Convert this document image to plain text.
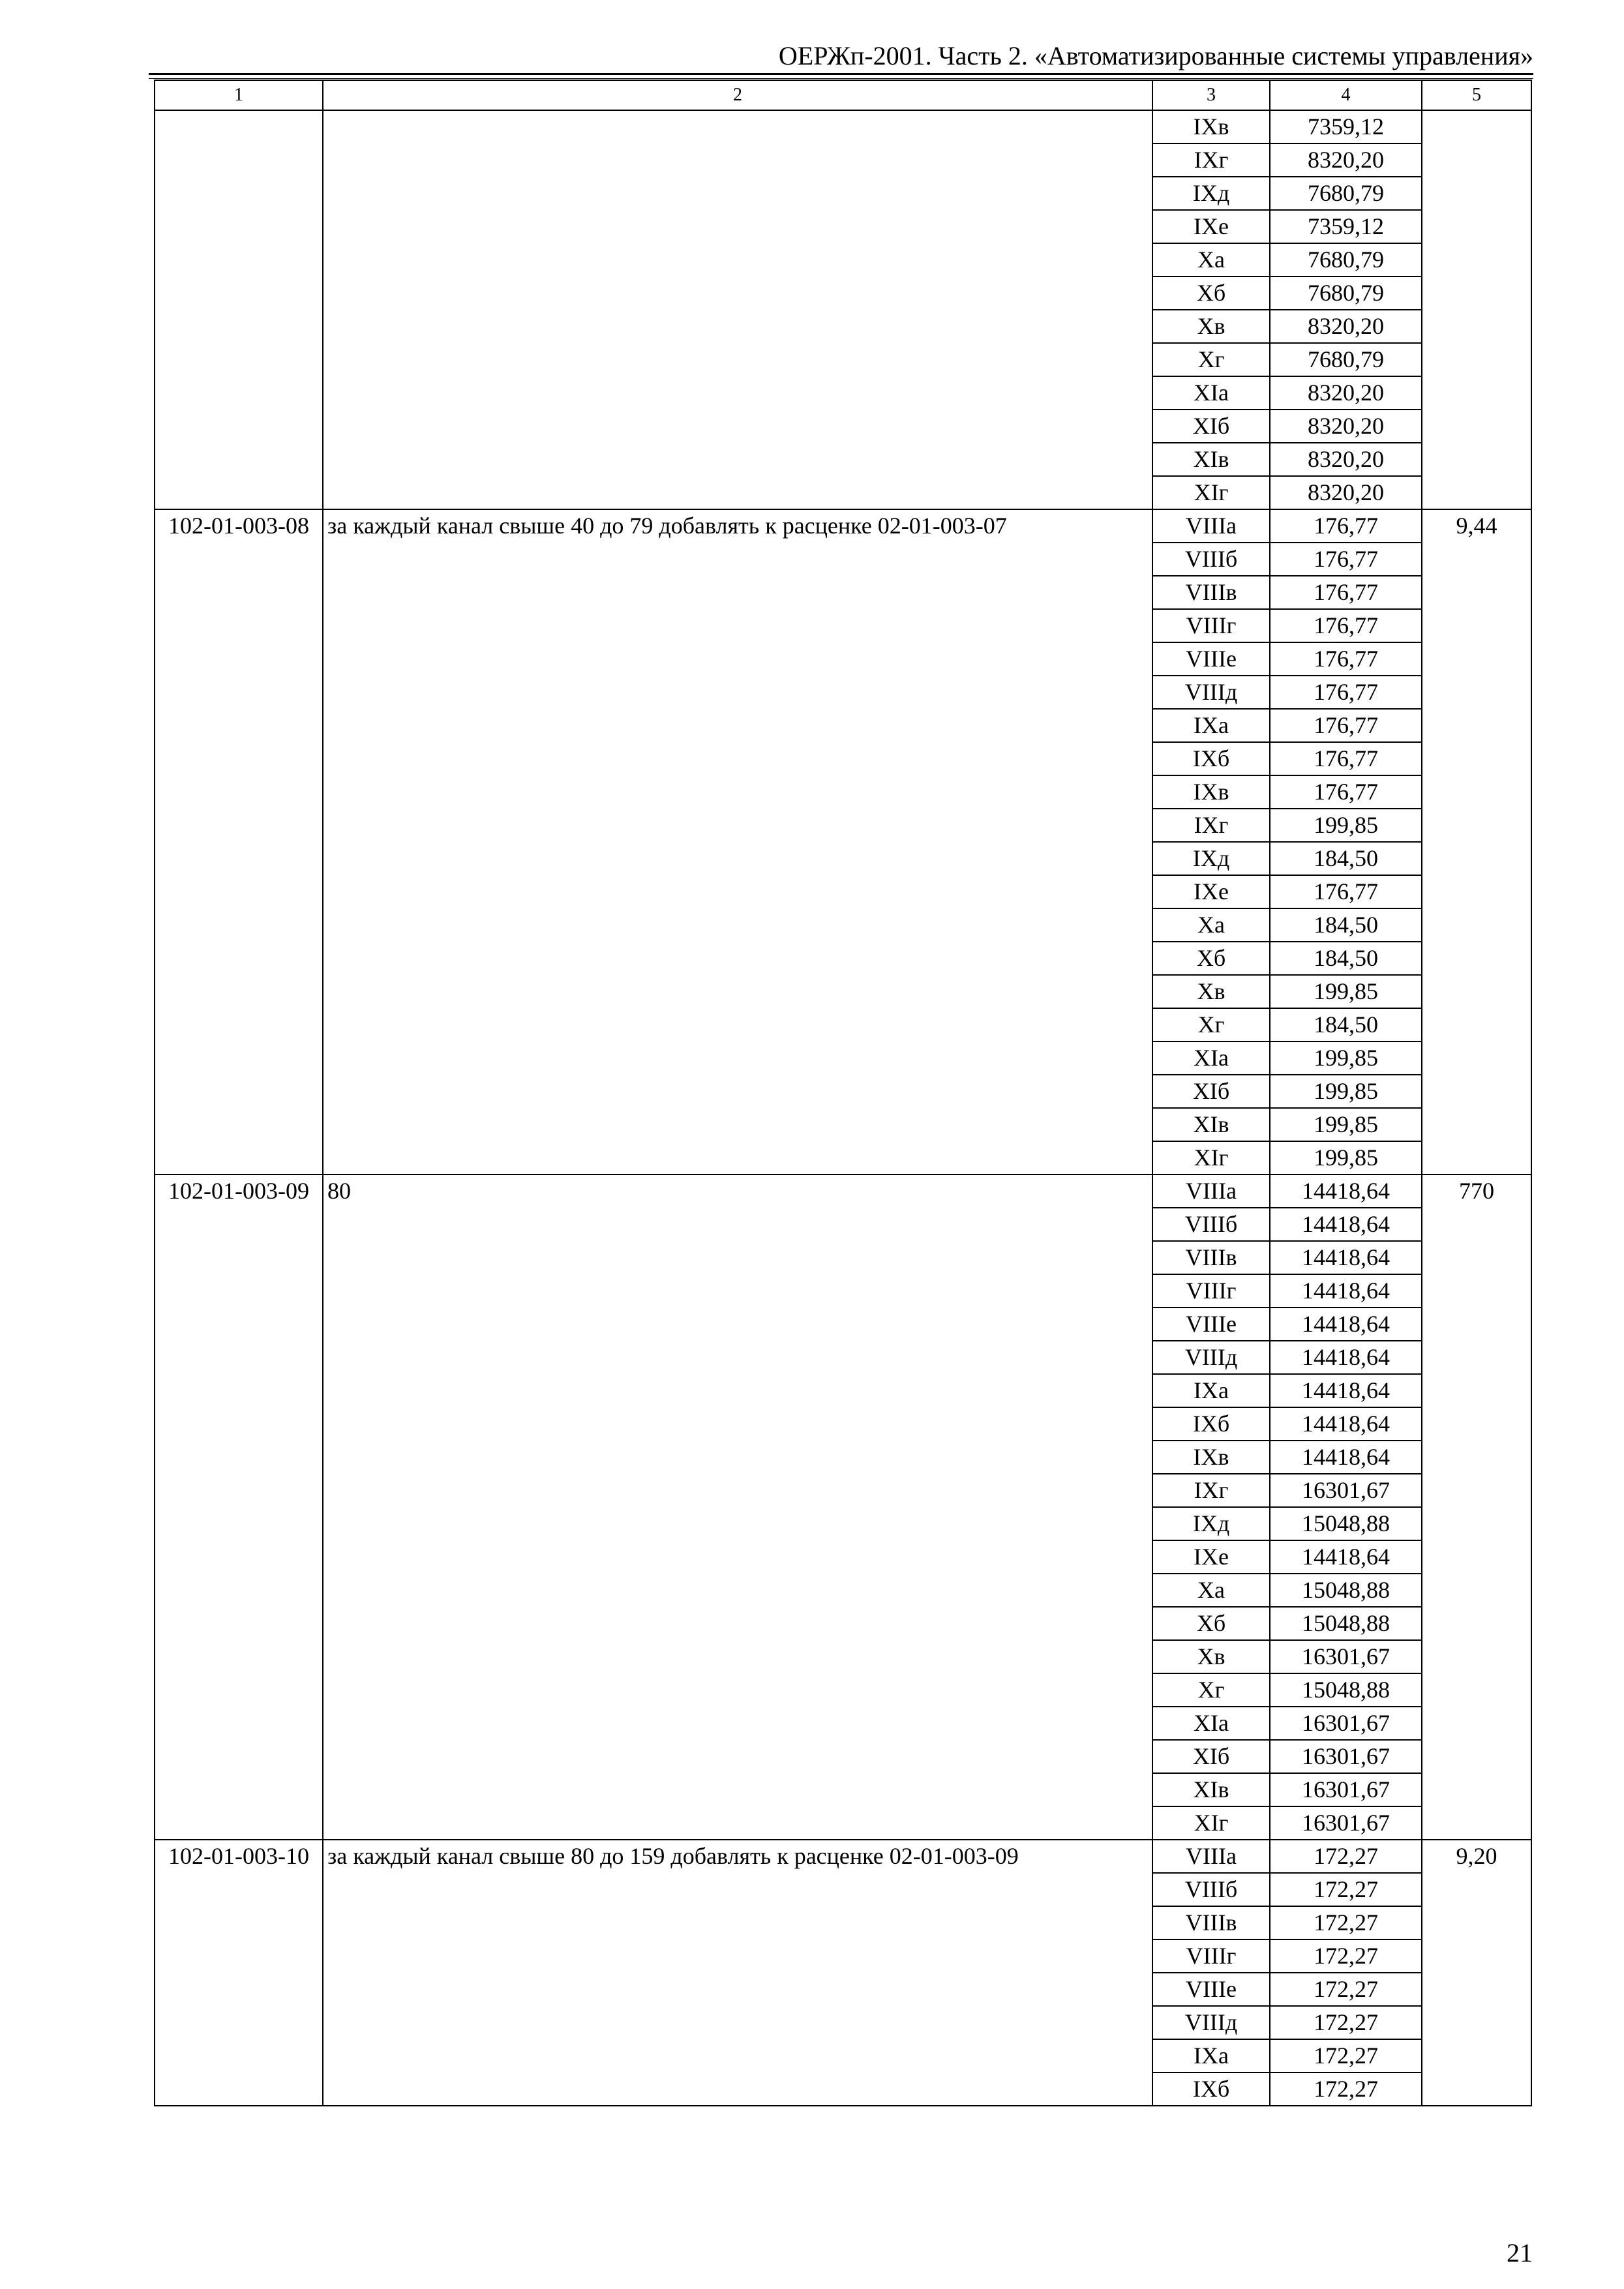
ОЕРЖп-2001. Часть 2. «Автоматизированные системы управления»
1	2	3	4	5
		IXв	7359,12	
		IXг	8320,20	
		IXд	7680,79	
		IXе	7359,12	
		Xа	7680,79	
		Xб	7680,79	
		Xв	8320,20	
		Xг	7680,79	
		XIа	8320,20	
		XIб	8320,20	
		XIв	8320,20	
		XIг	8320,20	
102-01-003-08	за каждый канал свыше 40 до 79 добавлять к расценке 02-01-003-07	VIIIа	176,77	9,44
		VIIIб	176,77	
		VIIIв	176,77	
		VIIIг	176,77	
		VIIIе	176,77	
		VIIIд	176,77	
		IXа	176,77	
		IXб	176,77	
		IXв	176,77	
		IXг	199,85	
		IXд	184,50	
		IXе	176,77	
		Xа	184,50	
		Xб	184,50	
		Xв	199,85	
		Xг	184,50	
		XIа	199,85	
		XIб	199,85	
		XIв	199,85	
		XIг	199,85	
102-01-003-09	80	VIIIа	14418,64	770
		VIIIб	14418,64	
		VIIIв	14418,64	
		VIIIг	14418,64	
		VIIIе	14418,64	
		VIIIд	14418,64	
		IXа	14418,64	
		IXб	14418,64	
		IXв	14418,64	
		IXг	16301,67	
		IXд	15048,88	
		IXе	14418,64	
		Xа	15048,88	
		Xб	15048,88	
		Xв	16301,67	
		Xг	15048,88	
		XIа	16301,67	
		XIб	16301,67	
		XIв	16301,67	
		XIг	16301,67	
102-01-003-10	за каждый канал свыше 80 до 159 добавлять к расценке 02-01-003-09	VIIIа	172,27	9,20
		VIIIб	172,27	
		VIIIв	172,27	
		VIIIг	172,27	
		VIIIе	172,27	
		VIIIд	172,27	
		IXа	172,27	
		IXб	172,27	
21
